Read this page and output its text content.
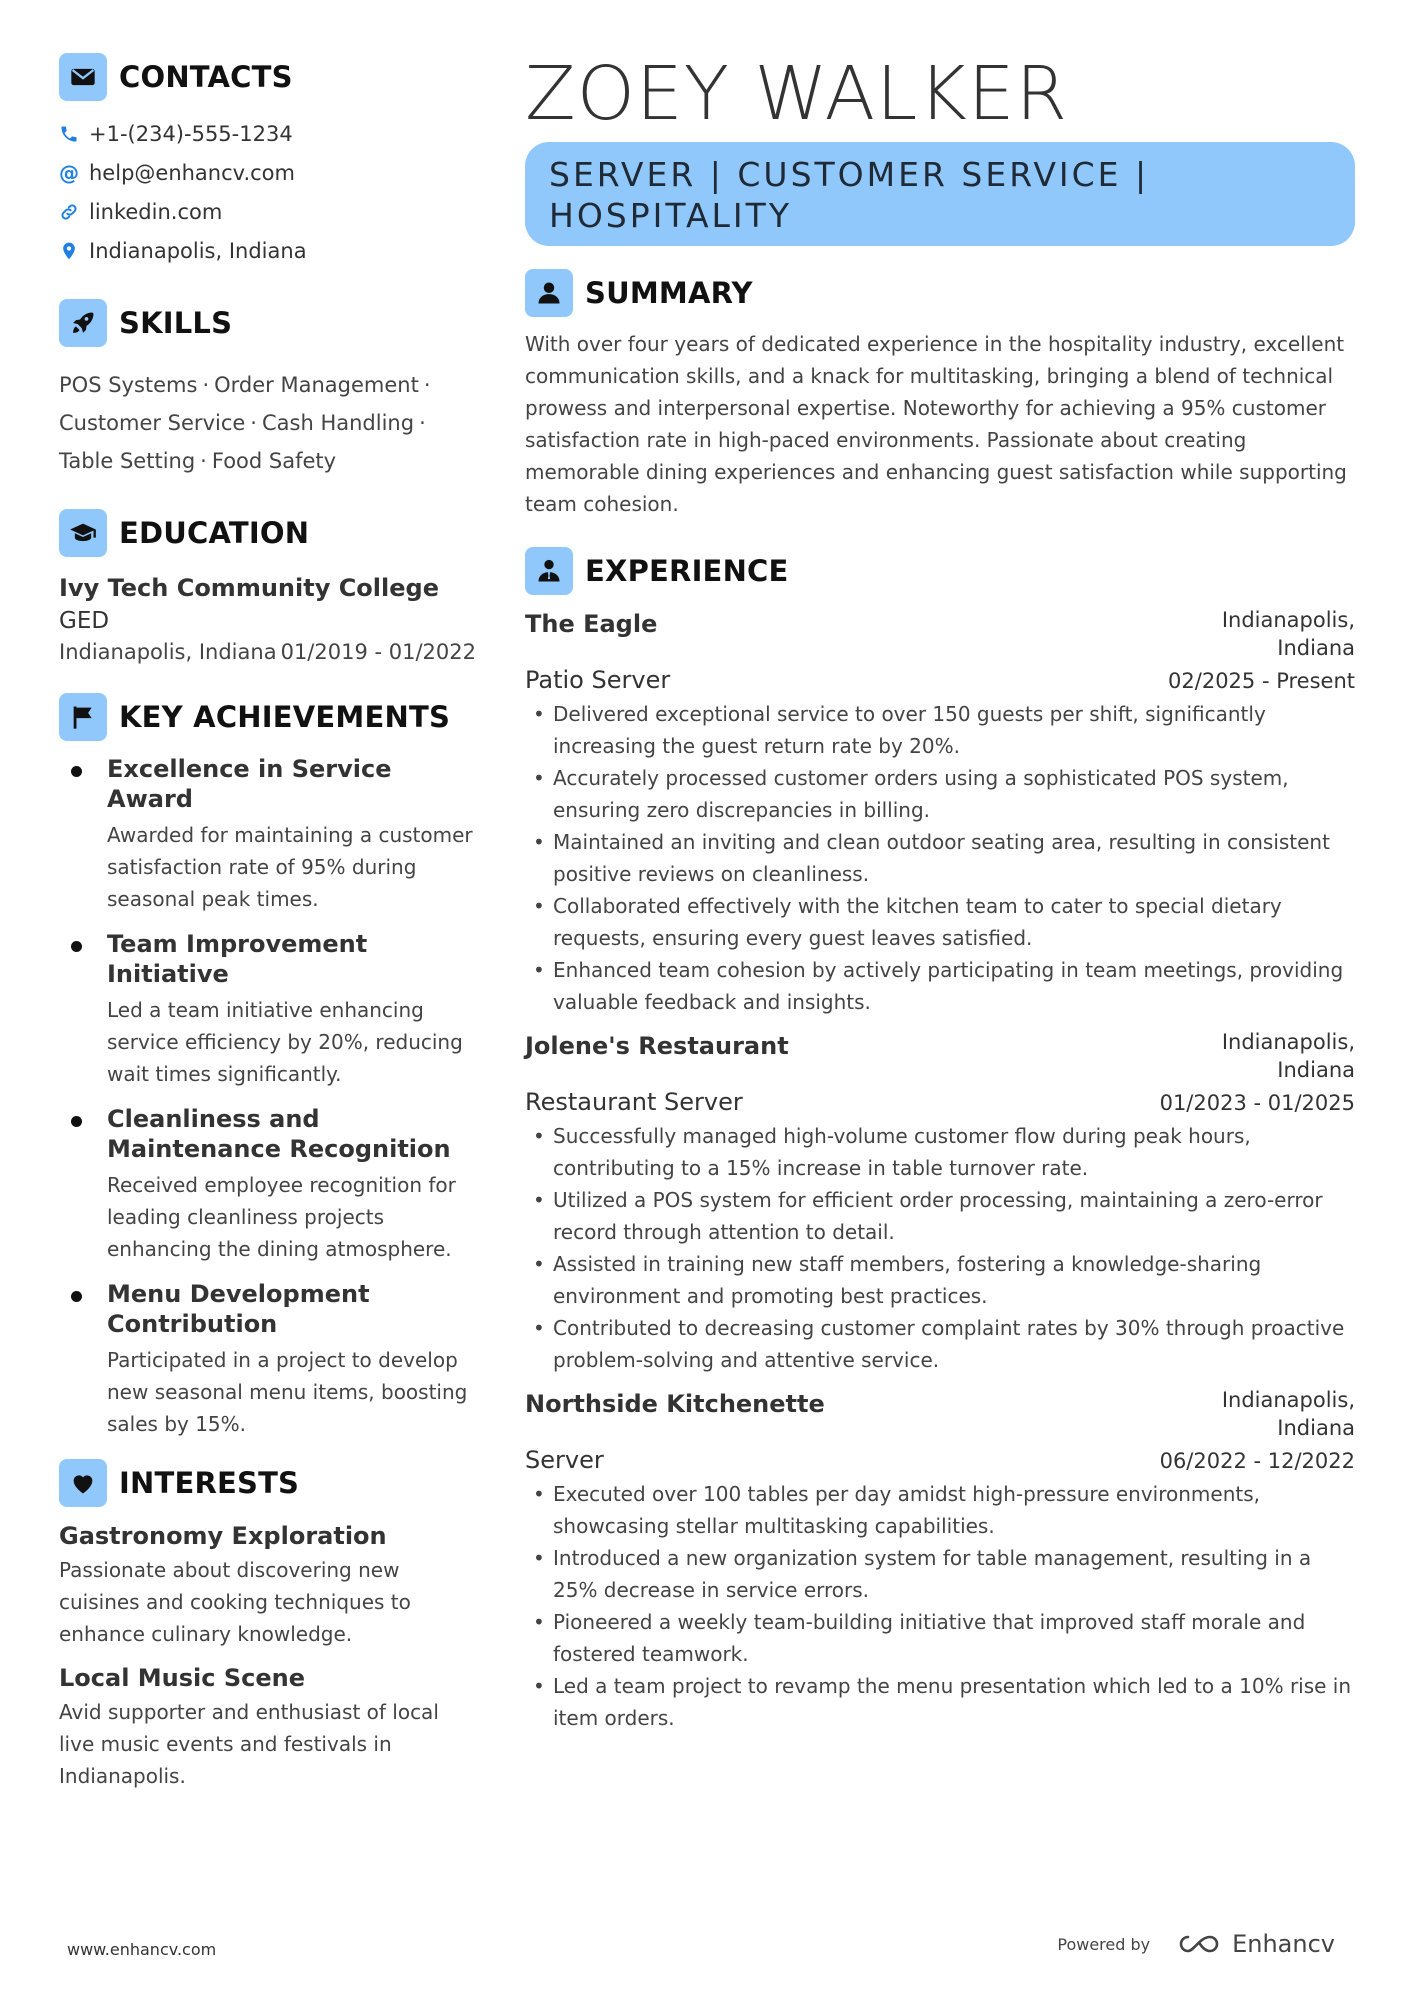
CONTACTS
+1-(234)-555-1234
@ help@enhancv.com
linkedin.com
Indianapolis, Indiana
SKILLS
POS Systems · Order Management ·
Customer Service · Cash Handling ·
Table Setting · Food Safety
EDUCATION
Ivy Tech Community College
GED
Indianapolis, Indiana 01/2019 - 01/2022
KEY ACHIEVEMENTS
Excellence in Service Award
Awarded for maintaining a customer satisfaction rate of 95% during seasonal peak times.
Team Improvement Initiative
Led a team initiative enhancing service efficiency by 20%, reducing wait times significantly.
Cleanliness and Maintenance Recognition
Received employee recognition for leading cleanliness projects enhancing the dining atmosphere.
Menu Development Contribution
Participated in a project to develop new seasonal menu items, boosting sales by 15%.
INTERESTS
Gastronomy Exploration
Passionate about discovering new cuisines and cooking techniques to enhance culinary knowledge.
Local Music Scene
Avid supporter and enthusiast of local live music events and festivals in Indianapolis.
ZOEY WALKER
SERVER | CUSTOMER SERVICE | HOSPITALITY
SUMMARY
With over four years of dedicated experience in the hospitality industry, excellent communication skills, and a knack for multitasking, bringing a blend of technical prowess and interpersonal expertise. Noteworthy for achieving a 95% customer satisfaction rate in high-paced environments. Passionate about creating memorable dining experiences and enhancing guest satisfaction while supporting team cohesion.
EXPERIENCE
The Eagle	Indianapolis, Indiana
Patio Server	02/2025 - Present
• Delivered exceptional service to over 150 guests per shift, significantly increasing the guest return rate by 20%.
• Accurately processed customer orders using a sophisticated POS system, ensuring zero discrepancies in billing.
• Maintained an inviting and clean outdoor seating area, resulting in consistent positive reviews on cleanliness.
• Collaborated effectively with the kitchen team to cater to special dietary requests, ensuring every guest leaves satisfied.
• Enhanced team cohesion by actively participating in team meetings, providing valuable feedback and insights.
Jolene's Restaurant	Indianapolis, Indiana
Restaurant Server	01/2023 - 01/2025
• Successfully managed high-volume customer flow during peak hours, contributing to a 15% increase in table turnover rate.
• Utilized a POS system for efficient order processing, maintaining a zero-error record through attention to detail.
• Assisted in training new staff members, fostering a knowledge-sharing environment and promoting best practices.
• Contributed to decreasing customer complaint rates by 30% through proactive problem-solving and attentive service.
Northside Kitchenette	Indianapolis, Indiana
Server	06/2022 - 12/2022
• Executed over 100 tables per day amidst high-pressure environments, showcasing stellar multitasking capabilities.
• Introduced a new organization system for table management, resulting in a 25% decrease in service errors.
• Pioneered a weekly team-building initiative that improved staff morale and fostered teamwork.
• Led a team project to revamp the menu presentation which led to a 10% rise in item orders.
www.enhancv.com	Powered by	Enhancv
